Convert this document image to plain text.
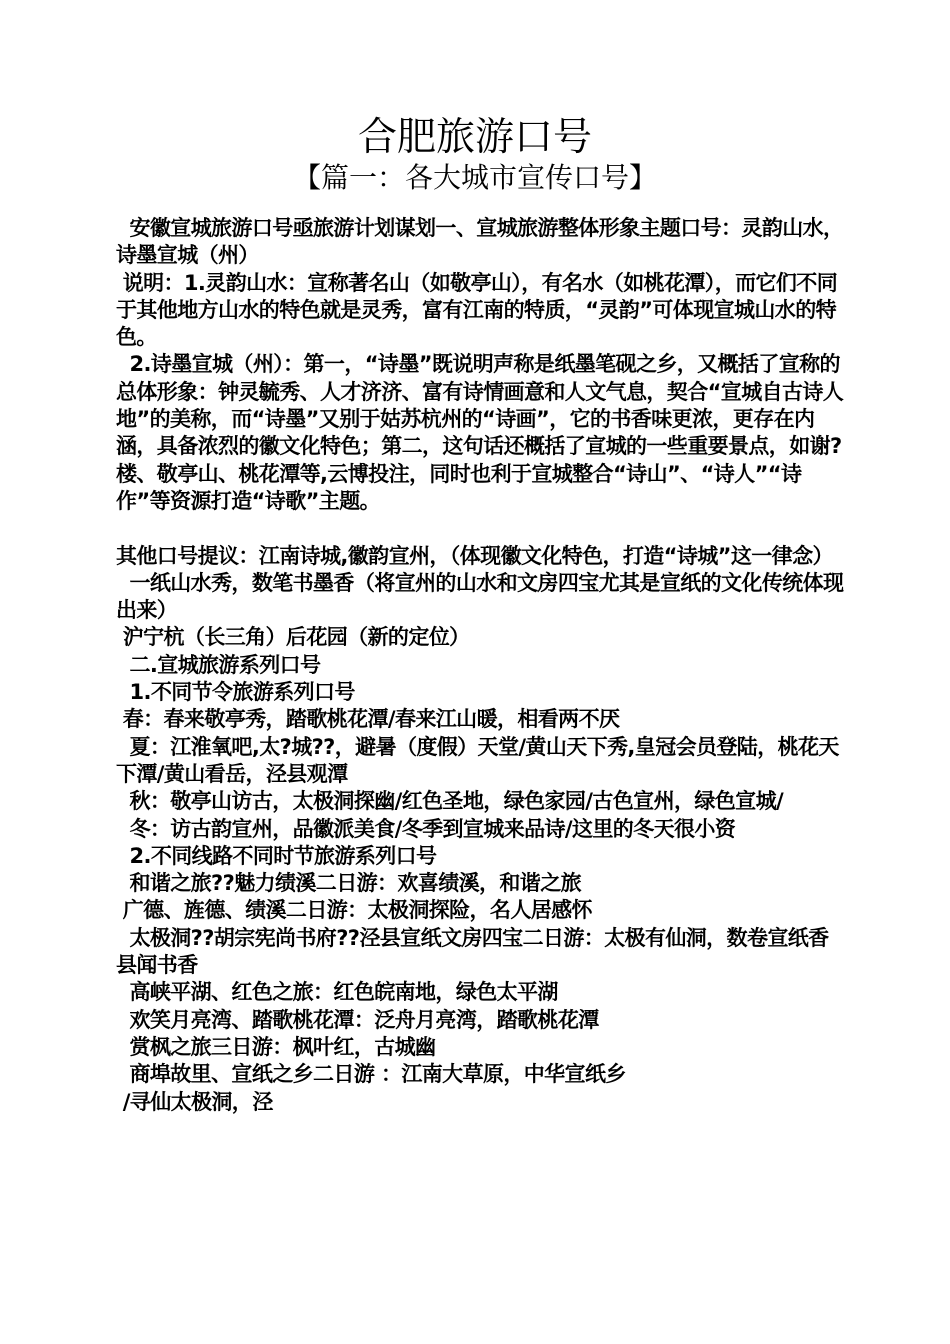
合肥旅游口号
【篇一：各大城市宣传口号】

安徽宣城旅游口号亟旅游计划谋划一、宣城旅游整体形象主题口号：灵韵山水，诗墨宣城（州）

说明：1.灵韵山水：宣称著名山（如敬亭山），有名水（如桃花潭），而它们不同于其他地方山水的特色就是灵秀，富有江南的特质，“灵韵”可体现宣城山水的特色。

2.诗墨宣城（州）：第一，“诗墨”既说明声称是纸墨笔砚之乡，又概括了宣称的总体形象：钟灵毓秀、人才济济、富有诗情画意和人文气息，契合“宣城自古诗人地”的美称，而“诗墨”又别于姑苏杭州的“诗画”，它的书香味更浓，更存在内涵，具备浓烈的徽文化特色；第二，这句话还概括了宣城的一些重要景点，如谢?楼、敬亭山、桃花潭等,云博投注，同时也利于宣城整合“诗山”、“诗人”“诗作”等资源打造“诗歌”主题。

其他口号提议：江南诗城,徽韵宣州，（体现徽文化特色，打造“诗城”这一律念）

一纸山水秀，数笔书墨香（将宣州的山水和文房四宝尤其是宣纸的文化传统体现出来）

沪宁杭（长三角）后花园（新的定位）

二.宣城旅游系列口号

1.不同节令旅游系列口号

春：春来敬亭秀，踏歌桃花潭/春来江山暖，相看两不厌

夏：江淮氧吧,太?城??，避暑（度假）天堂/黄山天下秀,皇冠会员登陆，桃花天下潭/黄山看岳，泾县观潭

秋：敬亭山访古，太极洞探幽/红色圣地，绿色家园/古色宣州，绿色宣城/

冬：访古韵宣州，品徽派美食/冬季到宣城来品诗/这里的冬天很小资

2.不同线路不同时节旅游系列口号

和谐之旅??魅力绩溪二日游：欢喜绩溪，和谐之旅

广德、旌德、绩溪二日游：太极洞探险，名人居感怀

太极洞??胡宗宪尚书府??泾县宣纸文房四宝二日游：太极有仙洞，数卷宣纸香县闻书香

高峡平湖、红色之旅：红色皖南地，绿色太平湖

欢笑月亮湾、踏歌桃花潭：泛舟月亮湾，踏歌桃花潭

赏枫之旅三日游：枫叶红，古城幽

商埠故里、宣纸之乡二日游 ：江南大草原，中华宣纸乡

/寻仙太极洞，泾
